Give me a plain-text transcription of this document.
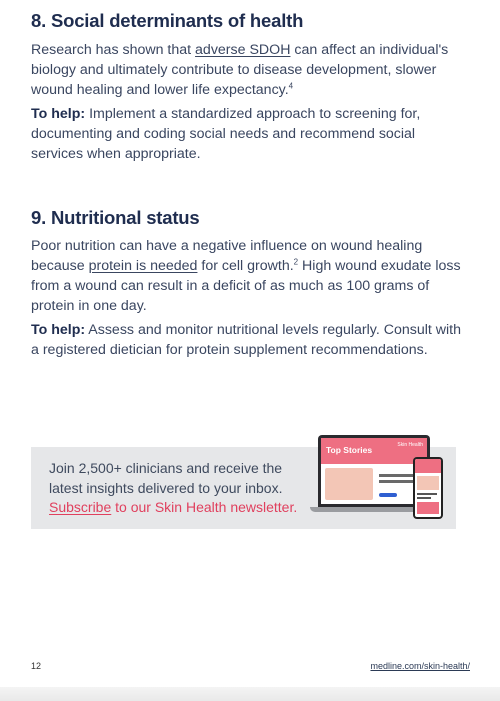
8. Social determinants of health

Research has shown that adverse SDOH can affect an individual's biology and ultimately contribute to disease development, slower wound healing and lower life expectancy.$^4$

To help: Implement a standardized approach to screening for, documenting and coding social needs and recommend social services when appropriate.

9. Nutritional status

Poor nutrition can have a negative influence on wound healing because protein is needed for cell growth.$^2$ High wound exudate loss from a wound can result in a deficit of as much as 100 grams of protein in one day.

To help: Assess and monitor nutritional levels regularly. Consult with a registered dietician for protein supplement recommendations.

Join 2,500+ clinicians and receive the latest insights delivered to your inbox.
Subscribe to our Skin Health newsletter.

Top Stories	Skin Health
12	medline.com/skin-health/
